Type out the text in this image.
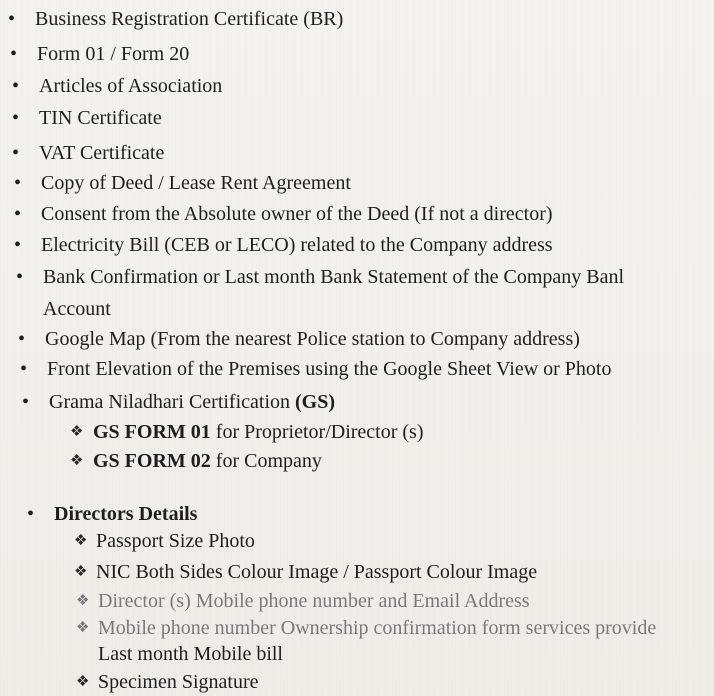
• Business Registration Certificate (BR)
• Form 01 / Form 20
• Articles of Association
• TIN Certificate
• VAT Certificate
• Copy of Deed / Lease Rent Agreement
• Consent from the Absolute owner of the Deed (If not a director)
• Electricity Bill (CEB or LECO) related to the Company address
• Bank Confirmation or Last month Bank Statement of the Company Banl
Account
• Google Map (From the nearest Police station to Company address)
• Front Elevation of the Premises using the Google Sheet View or Photo
• Grama Niladhari Certification (GS)
❖ GS FORM 01 for Proprietor/Director (s)
❖ GS FORM 02 for Company
• Directors Details
❖ Passport Size Photo
❖ NIC Both Sides Colour Image / Passport Colour Image
❖ Director (s) Mobile phone number and Email Address
❖ Mobile phone number Ownership confirmation form services provide
Last month Mobile bill
❖ Specimen Signature
